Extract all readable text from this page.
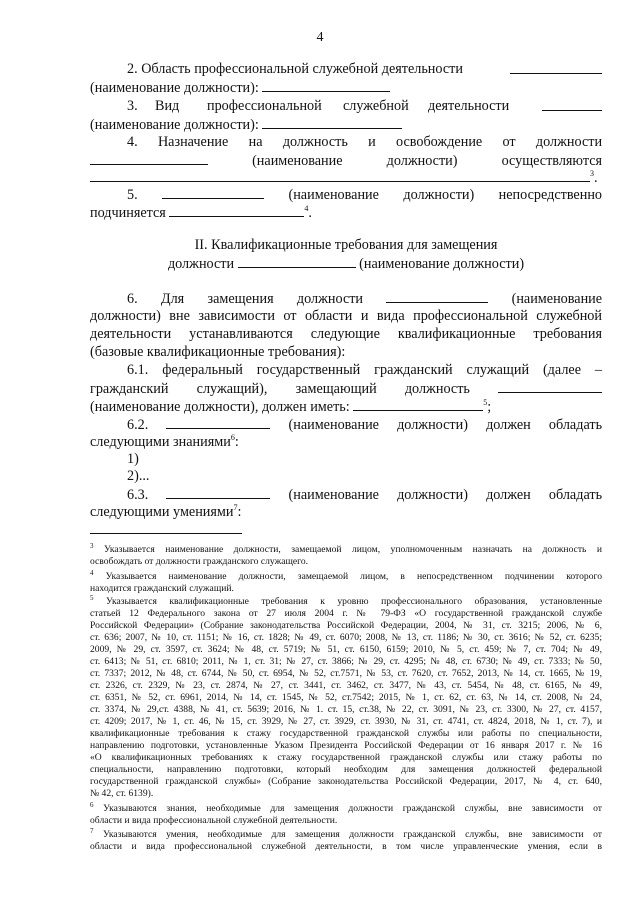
4
2. Область профессиональной служебной деятельности
(наименование должности):
3. Вид профессиональной служебной деятельности
(наименование должности):
4. Назначение на должность и освобождение от должности
(наименование	должности)	осуществляются
$^3$.
5.	(наименование должности) непосредственно
подчиняется	$^4$.
II. Квалификационные требования для замещения
должности	(наименование должности)
6. Для замещения должности	(наименование
должности) вне зависимости от области и вида профессиональной служебной
деятельности устанавливаются следующие квалификационные требования
(базовые квалификационные требования):
6.1. федеральный государственный гражданский служащий (далее –
гражданский служащий), замещающий должность
(наименование должности), должен иметь:	$^5$;
6.2.	(наименование должности) должен обладать
следующими знаниями$^6$:
1)
2)...
6.3.	(наименование должности) должен обладать
следующими умениями$^7$:
$^3$ Указывается наименование должности, замещаемой лицом, уполномоченным назначать на должность и
освобождать от должности гражданского служащего.
$^4$ Указывается наименование должности, замещаемой лицом, в непосредственном подчинении которого
находится гражданский служащий.
$^5$ Указывается квалификационные требования к уровню профессионального образования, установленные
статьей 12 Федерального закона от 27 июля 2004 г. № 79-ФЗ «О государственной гражданской службе
Российской Федерации» (Собрание законодательства Российской Федерации, 2004, № 31, ст. 3215; 2006, № 6,
ст. 636; 2007, № 10, ст. 1151; № 16, ст. 1828; № 49, ст. 6070; 2008, № 13, ст. 1186; № 30, ст. 3616; № 52, ст. 6235;
2009, № 29, ст. 3597, ст. 3624; № 48, ст. 5719; № 51, ст. 6150, 6159; 2010, № 5, ст. 459; № 7, ст. 704; № 49,
ст. 6413; № 51, ст. 6810; 2011, № 1, ст. 31; № 27, ст. 3866; № 29, ст. 4295; № 48, ст. 6730; № 49, ст. 7333; № 50,
ст. 7337; 2012, № 48, ст. 6744, № 50, ст. 6954, № 52, ст.7571, № 53, ст. 7620, ст. 7652, 2013, № 14, ст. 1665, № 19,
ст. 2326, ст. 2329, № 23, ст. 2874, № 27, ст. 3441, ст. 3462, ст. 3477, № 43, ст. 5454, № 48, ст. 6165, № 49,
ст. 6351, № 52, ст. 6961, 2014, № 14, ст. 1545, № 52, ст.7542; 2015, № 1, ст. 62, ст. 63, № 14, ст. 2008, № 24,
ст. 3374, № 29,ст. 4388, № 41, ст. 5639; 2016, № 1. ст. 15, ст.38, № 22, ст. 3091, № 23, ст. 3300, № 27, ст. 4157,
ст. 4209; 2017, № 1, ст. 46, № 15, ст. 3929, № 27, ст. 3929, ст. 3930, № 31, ст. 4741, ст. 4824, 2018, № 1, ст. 7), и
квалификационные требования к стажу государственной гражданской службы или работы по специальности,
направлению подготовки, установленные Указом Президента Российской Федерации от 16 января 2017 г. № 16
«О квалификационных требованиях к стажу государственной гражданской службы или стажу работы по
специальности, направлению подготовки, который необходим для замещения должностей федеральной
государственной гражданской службы» (Собрание законодательства Российской Федерации, 2017, № 4, ст. 640,
№ 42, ст. 6139).
$^6$ Указываются знания, необходимые для замещения должности гражданской службы, вне зависимости от
области и вида профессиональной служебной деятельности.
$^7$ Указываются умения, необходимые для замещения должности гражданской службы, вне зависимости от
области и вида профессиональной служебной деятельности, в том числе управленческие умения, если в
